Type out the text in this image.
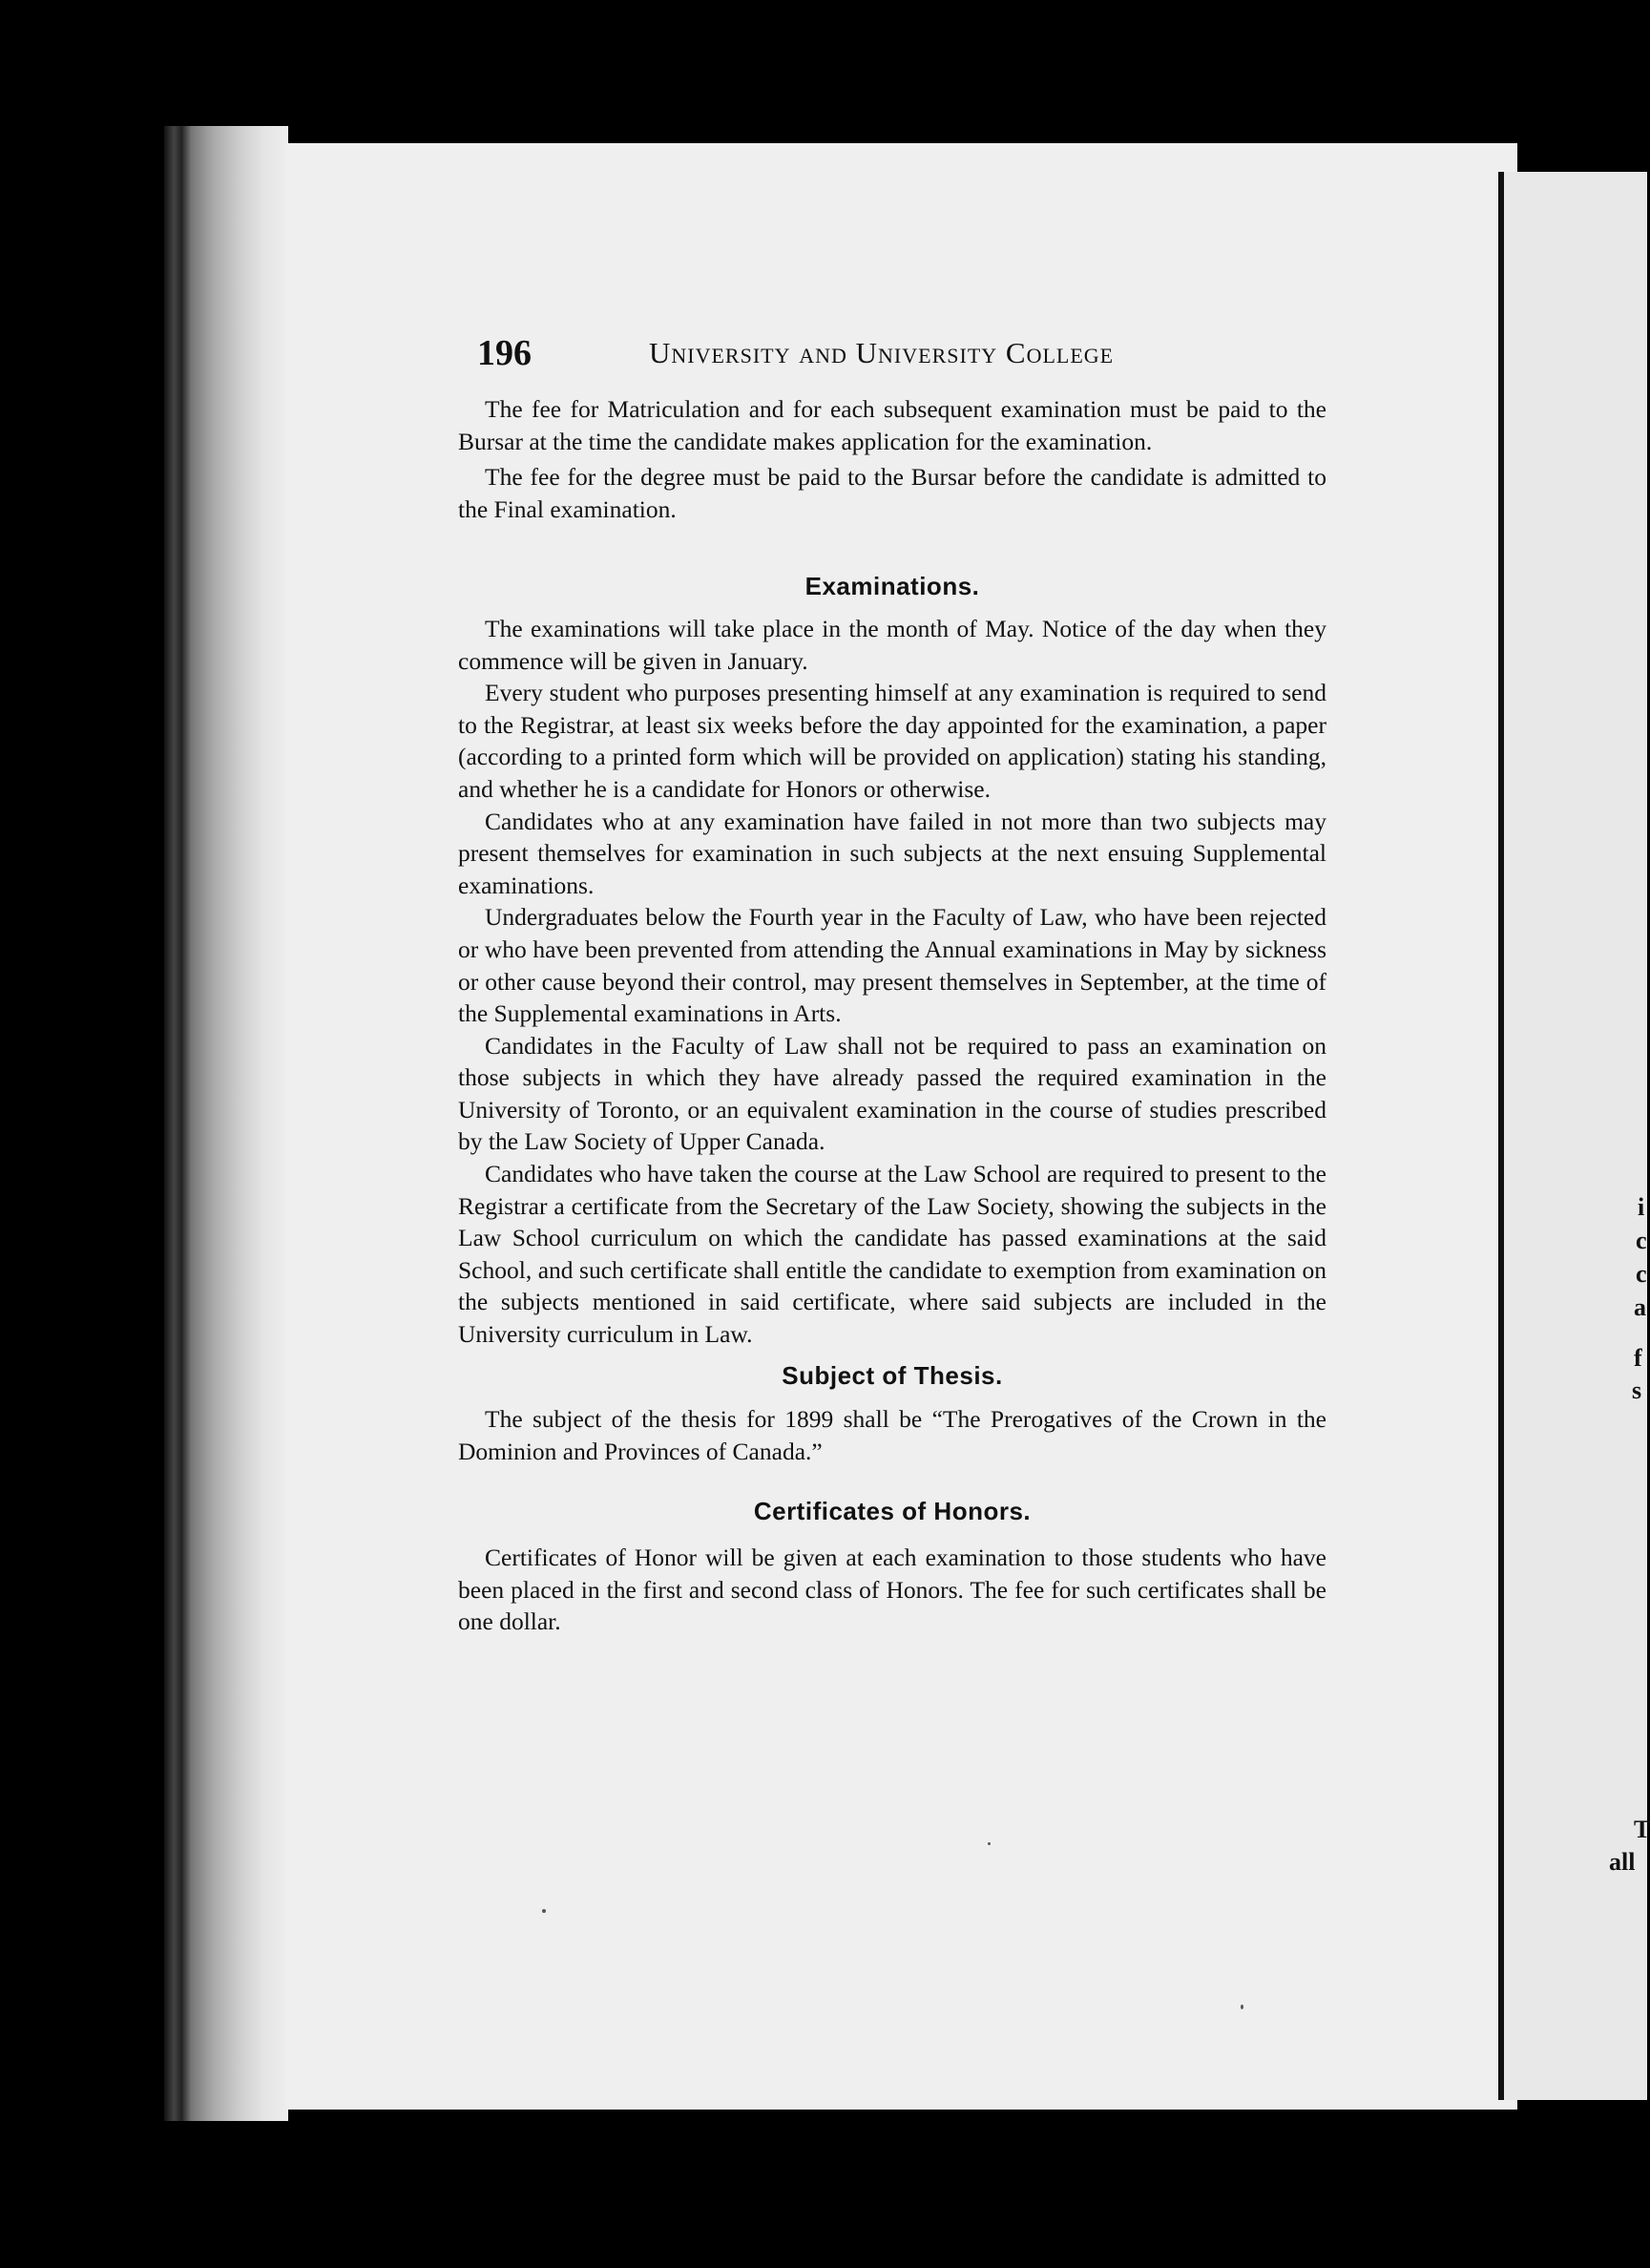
196	University and University College

The fee for Matriculation and for each subsequent examination must be paid to the Bursar at the time the candidate makes application for the examination.

The fee for the degree must be paid to the Bursar before the candidate is admitted to the Final examination.

Examinations.

The examinations will take place in the month of May. Notice of the day when they commence will be given in January.

Every student who purposes presenting himself at any examination is required to send to the Registrar, at least six weeks before the day appointed for the examination, a paper (according to a printed form which will be provided on application) stating his standing, and whether he is a candidate for Honors or otherwise.

Candidates who at any examination have failed in not more than two subjects may present themselves for examination in such subjects at the next ensuing Supplemental examinations.

Undergraduates below the Fourth year in the Faculty of Law, who have been rejected or who have been prevented from attending the Annual examinations in May by sickness or other cause beyond their control, may present themselves in September, at the time of the Supplemental examinations in Arts.

Candidates in the Faculty of Law shall not be required to pass an examination on those subjects in which they have already passed the required examination in the University of Toronto, or an equivalent examination in the course of studies prescribed by the Law Society of Upper Canada.

Candidates who have taken the course at the Law School are required to present to the Registrar a certificate from the Secretary of the Law Society, showing the subjects in the Law School curriculum on which the candidate has passed examinations at the said School, and such certificate shall entitle the candidate to exemption from examination on the subjects mentioned in said certificate, where said subjects are included in the University curriculum in Law.

Subject of Thesis.

The subject of the thesis for 1899 shall be “The Prerogatives of the Crown in the Dominion and Provinces of Canada.”

Certificates of Honors.

Certificates of Honor will be given at each examination to those students who have been placed in the first and second class of Honors. The fee for such certificates shall be one dollar.

i
c
c
a
f
s
T
all
